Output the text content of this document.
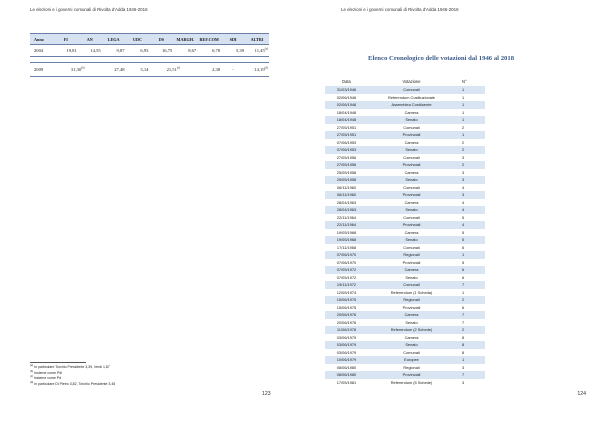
Le elezioni e i governi comunali di Rivolta d'Adda 1946-2016
Anno	FI	AN	LEGA	UDC	DS	MARGH.	REF.COM	SDI	ALTRI
2004	19,81	14,55	9,87	6,93	16,75	8,67	6,78	5,39	11,45$^{(a)}$

2009	31,30$^{(b)}$		27,48	3,14	21,51$^{(c)}$		2,38	-	14,19$^{(d)}$
$^{(a)}$ In particolare Torchio Presidente 3,39, Verdi 1,87
$^{(b)}$ Insieme come Pdl
$^{(c)}$ Insieme come Pd
$^{(d)}$ In particolare Di Pietro 3,82, Torchio Presidente 3,45
123
Le elezioni e i governi comunali di Rivolta d'Adda 1946-2016
124
Elenco Cronologico delle votazioni dal 1946 al 2018
Data	Votazione	N°
31/03/1946	Comunali	1
02/06/1946	Referendum Costituzionale	1
02/06/1946	Assemblea Costituente	1
18/04/1948	Camera	1
18/04/1948	Senato	1
27/05/1951	Comunali	2
27/05/1951	Provinciali	1
07/06/1953	Camera	2
07/06/1953	Senato	2
27/05/1956	Comunali	3
27/05/1956	Provinciali	2
25/05/1958	Camera	3
25/05/1958	Senato	3
06/11/1960	Comunali	4
06/11/1960	Provinciali	3
28/04/1963	Camera	4
28/04/1963	Senato	4
22/11/1964	Comunali	5
22/11/1964	Provinciali	4
19/05/1968	Camera	5
19/05/1968	Senato	5
17/11/1968	Comunali	6
07/06/1970	Regionali	1
07/06/1970	Provinciali	5
07/05/1972	Camera	6
07/05/1972	Senato	6
19/11/1972	Comunali	7
12/05/1974	Referendum (1 Scheda)	1
15/06/1975	Regionali	2
15/06/1975	Provinciali	6
20/06/1976	Camera	7
20/06/1976	Senato	7
11/06/1978	Referendum (2 Schede)	2
03/06/1979	Camera	8
03/06/1979	Senato	8
03/06/1979	Comunali	8
10/06/1979	Europee	1
08/06/1980	Regionali	3
08/06/1980	Provinciali	7
17/05/1981	Referendum (5 Schede)	3
